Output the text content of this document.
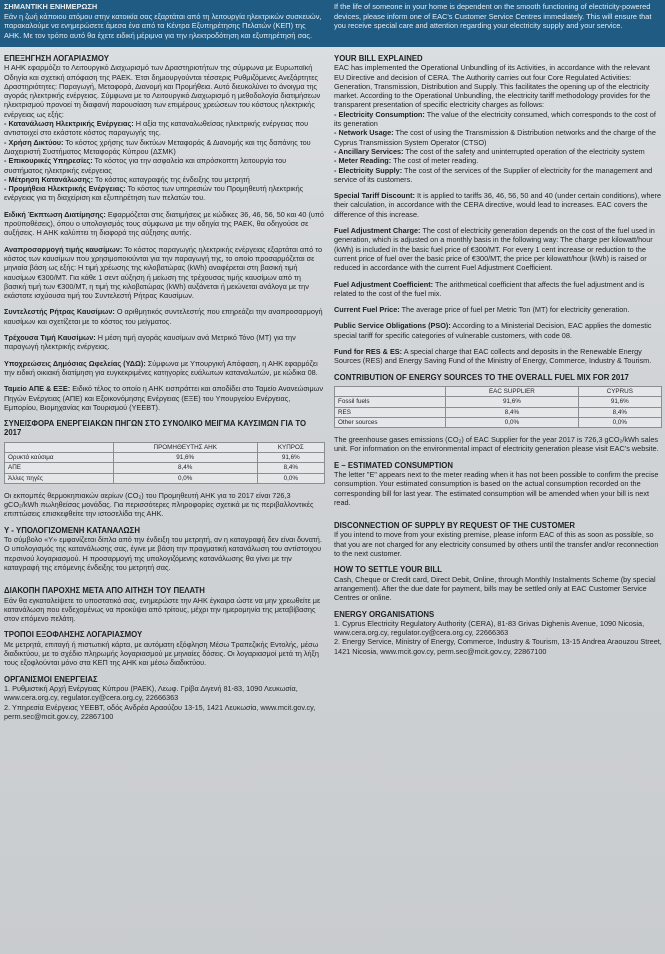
ΣΗΜΑΝΤΙΚΗ ΕΝΗΜΕΡΩΣΗ
Εάν η ζωή κάποιου ατόμου στην κατοικία σας εξαρτάται από τη λειτουργία ηλεκτρικών συσκευών, παρακαλούμε να ενημερώσετε άμεσα ένα από τα Κέντρα Εξυπηρέτησης Πελατών (ΚΕΠ) της ΑΗΚ. Με τον τρόπο αυτό θα έχετε ειδική μέριμνα για την ηλεκτροδότηση και εξυπηρέτησή σας.
If the life of someone in your home is dependent on the smooth functioning of electricity-powered devices, please inform one of EAC's Customer Service Centres immediately. This will ensure that you receive special care and attention regarding your electricity supply and your service.
ΕΠΕΞΗΓΗΣΗ ΛΟΓΑΡΙΑΣΜΟΥ

Η ΑΗΚ εφαρμόζει το Λειτουργικό Διαχωρισμό των Δραστηριοτήτων της σύμφωνα με Ευρωπαϊκή Οδηγία και σχετική απόφαση της ΡΑΕΚ. Έτσι δημιουργούνται τέσσερις Ρυθμιζόμενες Ανεξάρτητες Δραστηριότητες: Παραγωγή, Μεταφορά, Διανομή και Προμήθεια. Αυτό διευκολύνει το άνοιγμα της αγοράς ηλεκτρικής ενέργειας. Σύμφωνα με το Λειτουργικό Διαχωρισμό η μεθοδολογία διατιμήσεων ηλεκτρισμού προνοεί τη διαφανή παρουσίαση των επιμέρους χρεώσεων του κόστους ηλεκτρικής ενέργειας ως εξής:

- Κατανάλωση Ηλεκτρικής Ενέργειας: Η αξία της καταναλωθείσας ηλεκτρικής ενέργειας που αντιστοιχεί στο εκάστοτε κόστος παραγωγής της.

- Χρήση Δικτύου: Το κόστος χρήσης των δικτύων Μεταφοράς & Διανομής και της δαπάνης του Διαχειριστή Συστήματος Μεταφοράς Κύπρου (ΔΣΜΚ)

- Επικουρικές Υπηρεσίες: Το κόστος για την ασφαλεία και απρόσκοπτη λειτουργία του συστήματος ηλεκτρικής ενέργειας

- Μέτρηση Κατανάλωσης: Το κόστος καταγραφής της ένδειξης του μετρητή

- Προμήθεια Ηλεκτρικής Ενέργειας: Το κόστος των υπηρεσιών του Προμηθευτή ηλεκτρικής ενέργειας για τη διαχείριση και εξυπηρέτηση των πελατών του.

Ειδική Έκπτωση Διατίμησης: Εφαρμόζεται στις διατιμήσεις με κώδικες 36, 46, 56, 50 και 40 (υπό προϋποθέσεις), όπου ο υπολογισμός τους σύμφωνα με την οδηγία της ΡΑΕΚ, θα οδηγούσε σε αυξήσεις. Η ΑΗΚ καλύπτει τη διαφορά της αύξησης αυτής.

Αναπροσαρμογή τιμής καυσίμων: Το κόστος παραγωγής ηλεκτρικής ενέργειας εξαρτάται από το κόστος των καυσίμων που χρησιμοποιούνται για την παραγωγή της, το οποίο προσαρμόζεται σε μηνιαία βάση ως εξής: Η τιμή χρέωσης της κιλοβατώρας (kWh) αναφέρεται στη βασική τιμή καυσίμων €300/ΜΤ. Για κάθε 1 σεντ αύξηση ή μείωση της τρέχουσας τιμής καυσίμων από τη βασική τιμή των €300/ΜΤ, η τιμή της κιλοβατώρας (kWh) αυξάνεται ή μειώνεται ανάλογα με την εκάστοτε ισχύουσα τιμή του Συντελεστή Ρήτρας Καυσίμων.

Συντελεστής Ρήτρας Καυσίμων: Ο αριθμητικός συντελεστής που επηρεάζει την αναπροσαρμογή καυσίμων και σχετίζεται με το κόστος του μείγματος.

Τρέχουσα Τιμή Καυσίμων: Η μέση τιμή αγοράς καυσίμων ανά Μετρικό Τόνο (ΜΤ) για την παραγωγή ηλεκτρικής ενέργειας.

Υποχρεώσεις Δημόσιας Ωφελείας (ΥΔΩ): Σύμφωνα με Υπουργική Απόφαση, η ΑΗΚ εφαρμόζει την ειδική οικιακή διατίμηση για ευγκεκριμένες κατηγορίες ευάλωτων καταναλωτών, με κώδικα 08.

Ταμείο ΑΠΕ & ΕΞΕ: Ειδικό τέλος το οποίο η ΑΗΚ εισπράττει και αποδίδει στο Ταμείο Ανανεώσιμων Πηγών Ενέργειας (ΑΠΕ) και Εξοικονόμησης Ενέργειας (ΕΞΕ) του Υπουργείου Ενέργειας, Εμπορίου, Βιομηχανίας και Τουρισμού (ΥΕΕΒΤ).

ΣΥΝΕΙΣΦΟΡΑ ΕΝΕΡΓΕΙΑΚΩΝ ΠΗΓΩΝ ΣΤΟ ΣΥΝΟΛΙΚΟ ΜΕΙΓΜΑ ΚΑΥΣΙΜΩΝ ΓΙΑ ΤΟ 2017
	ΠΡΟΜΗΘΕΥΤΗΣ ΑΗΚ	ΚΥΠΡΟΣ
Ορυκτά καύσιμα	91,6%	91,6%
ΑΠΕ	8,4%	8,4%
Άλλες πηγές	0,0%	0,0%

Οι εκπομπές θερμοκηπιακών αερίων (CO₂) του Προμηθευτή ΑΗΚ για το 2017 είναι 726,3 gCO₂/kWh πωληθείσας μονάδας. Για περισσότερες πληροφορίες σχετικά με τις περιβαλλοντικές επιπτώσεις επισκεφθείτε την ιστοσελίδα της ΑΗΚ.

Y - ΥΠΟΛΟΓΙΖΟΜΕΝΗ ΚΑΤΑΝΑΛΩΣΗ

Το σύμβολο «Y» εμφανίζεται δίπλα από την ένδειξη του μετρητή, αν η καταγραφή δεν είναι δυνατή. Ο υπολογισμός της κατανάλωσης σας, έγινε με βάση την πραγματική κατανάλωση του αντίστοιχου περσινού λογαριασμού. Η προσαρμογή της υπολογιζόμενης κατανάλωσης θα γίνει με την καταγραφή της επόμενης ένδειξης του μετρητή σας.

ΔΙΑΚΟΠΗ ΠΑΡΟΧΗΣ ΜΕΤΑ ΑΠΟ ΑΙΤΗΣΗ ΤΟΥ ΠΕΛΑΤΗ

Εάν θα εγκαταλείψετε το υποστατικό σας, ενημερώστε την ΑΗΚ έγκαιρα ώστε να μην χρεωθείτε με κατανάλωση που ενδεχομένως να προκύψει από τρίτους, μέχρι την ημερομηνία της μεταβίβασης στον επόμενο πελάτη.

ΤΡΟΠΟΙ ΕΞΟΦΛΗΣΗΣ ΛΟΓΑΡΙΑΣΜΟΥ

Με μετρητά, επιταγή ή πιστωτική κάρτα, με αυτόματη εξόφληση Μέσω Τραπεζικής Εντολής, μέσω διαδικτύου, με το σχέδιο πληρωμής λογαριασμού με μηνιαίες δόσεις. Οι λογαριασμοί μετά τη λήξη τους εξοφλούνται μόνο στα ΚΕΠ της ΑΗΚ και μέσω διαδικτύου.

ΟΡΓΑΝΙΣΜΟΙ ΕΝΕΡΓΕΙΑΣ

1. Ρυθμιστική Αρχή Ενέργειας Κύπρου (ΡΑΕΚ), Λεωφ. Γρίβα Διγενή 81-83, 1090 Λευκωσία, www.cera.org.cy, regulator.cy@cera.org.cy, 22666363

2. Υπηρεσία Ενέργειας ΥΕΕΒΤ, οδός Ανδρέα Αραούζου 13-15, 1421 Λευκωσία, www.mcit.gov.cy, perm.sec@mcit.gov.cy, 22867100

YOUR BILL EXPLAINED

EAC has implemented the Operational Unbundling of its Activities, in accordance with the relevant EU Directive and decision of CERA. The Authority carries out four Core Regulated Activities: Generation, Transmission, Distribution and Supply. This facilitates the opening up of the electricity market. According to the Operational Unbundling, the electricity tariff methodology provides for the transparent presentation of specific electricity charges as follows:

- Electricity Consumption: The value of the electricity consumed, which corresponds to the cost of its generation

- Network Usage: The cost of using the Transmission & Distribution networks and the charge of the Cyprus Transmission System Operator (CTSO)

- Ancillary Services: The cost of the safety and uninterrupted operation of the electricity system

- Meter Reading: The cost of meter reading.

- Electricity Supply: The cost of the services of the Supplier of electricity for the management and service of its customers.

Special Tariff Discount: It is applied to tariffs 36, 46, 56, 50 and 40 (under certain conditions), where their calculation, in accordance with the CERA directive, would lead to increases. EAC covers the difference of this increase.

Fuel Adjustment Charge: The cost of electricity generation depends on the cost of the fuel used in generation, which is adjusted on a monthly basis in the following way: The charge per kilowatt/hour (kWh) is included in the basic fuel price of €300/MT. For every 1 cent increase or reduction to the current price of fuel over the basic price of €300/MT, the price per kilowatt/hour (kWh) is raised or reduced in accordance with the current Fuel Adjustment Coefficient.

Fuel Adjustment Coefficient: The arithmetical coefficient that affects the fuel adjustment and is related to the cost of the fuel mix.

Current Fuel Price: The average price of fuel per Metric Ton (MT) for electricity generation.

Public Service Obligations (PSO): According to a Ministerial Decision, EAC applies the domestic special tariff for specific categories of vulnerable customers, with code 08.

Fund for RES & ES: A special charge that EAC collects and deposits in the Renewable Energy Sources (RES) and Energy Saving Fund of the Ministry of Energy, Commerce, Industry & Tourism.

CONTRIBUTION OF ENERGY SOURCES TO THE OVERALL FUEL MIX FOR 2017
	EAC SUPPLIER	CYPRUS
Fossil fuels	91,6%	91,6%
RES	8,4%	8,4%
Other sources	0,0%	0,0%

The greenhouse gases emissions (CO₂) of EAC Supplier for the year 2017 is 726,3 gCO₂/kWh sales unit. For information on the environmental impact of electricity generation please visit EAC's website.

E – ESTIMATED CONSUMPTION

The letter "E" appears next to the meter reading when it has not been possible to confirm the precise consumption. Your estimated consumption is based on the actual consumption recorded on the corresponding bill for last year. The estimated consumption will be amended when your bill is next read.

DISCONNECTION OF SUPPLY BY REQUEST OF THE CUSTOMER

If you intend to move from your existing premise, please inform EAC of this as soon as possible, so that you are not charged for any electricity consumed by others until the transfer and/or reconnection to the next customer.

HOW TO SETTLE YOUR BILL

Cash, Cheque or Credit card, Direct Debit, Online, through Monthly Instalments Scheme (by special arrangement). After the due date for payment, bills may be settled only at EAC Customer Service Centres or online.

ENERGY ORGANISATIONS

1. Cyprus Electricity Regulatory Authority (CERA), 81-83 Grivas Dighenis Avenue, 1090 Nicosia, www.cera.org.cy, regulator.cy@cera.org.cy, 22666363

2. Energy Service, Ministry of Energy, Commerce, Industry & Tourism, 13-15 Andrea Araouzou Street, 1421 Nicosia, www.mcit.gov.cy, perm.sec@mcit.gov.cy, 22867100
